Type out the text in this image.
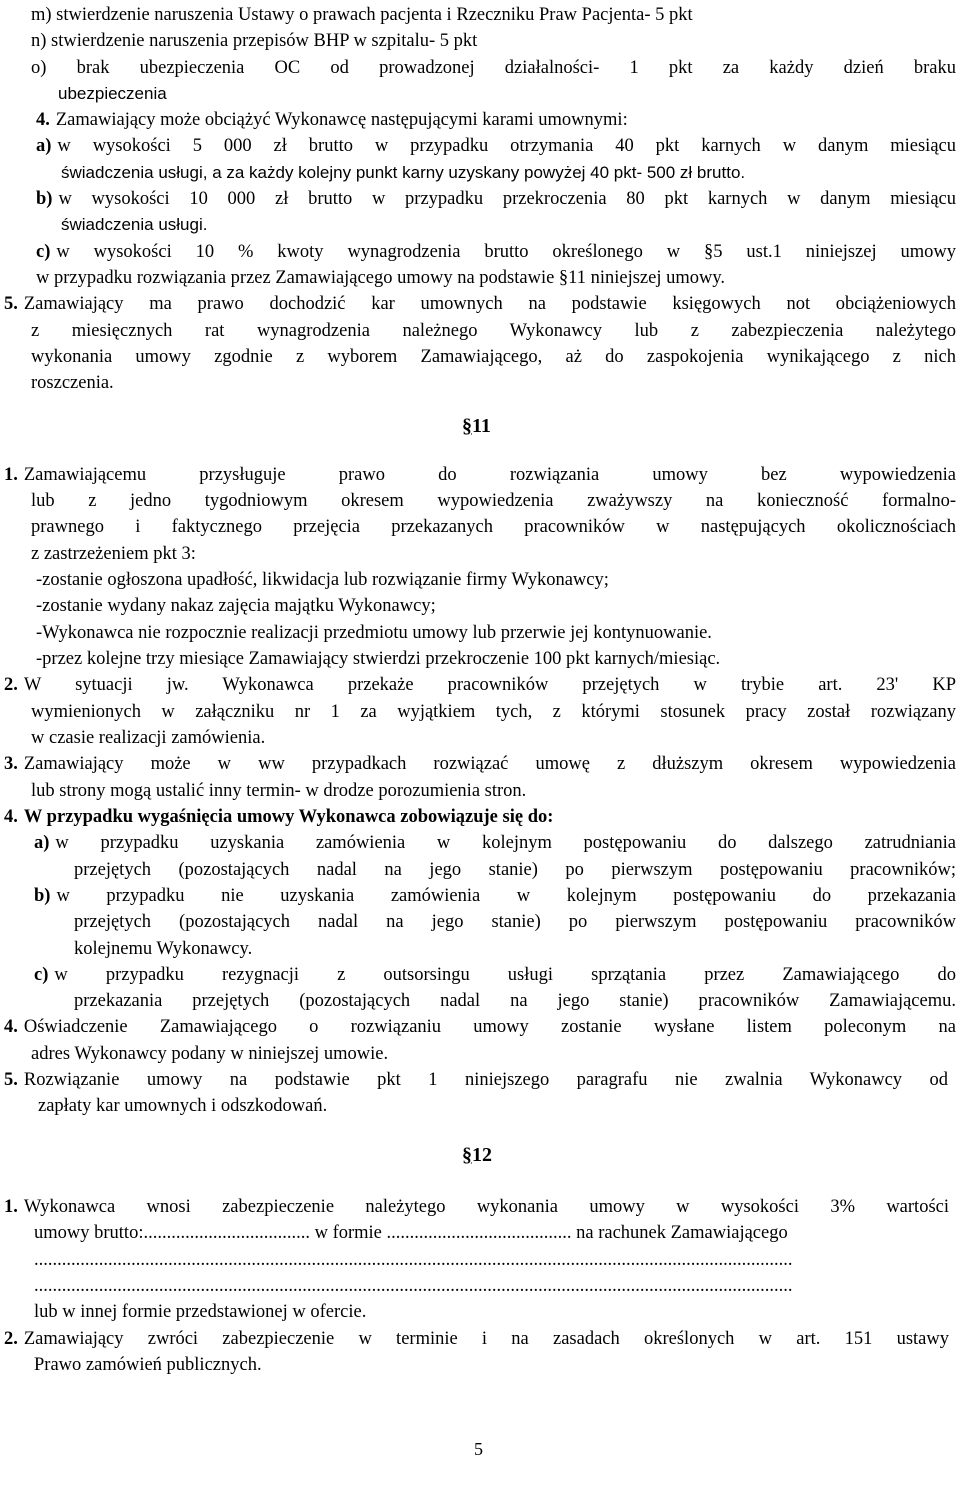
m) stwierdzenie naruszenia Ustawy o prawach pacjenta i Rzeczniku Praw Pacjenta- 5 pkt
n) stwierdzenie naruszenia przepisów BHP w szpitalu- 5 pkt
o) brak ubezpieczenia OC od prowadzonej działalności- 1 pkt za każdy dzień braku
ubezpieczenia
4. Zamawiający może obciążyć Wykonawcę następującymi karami umownymi:
a) w wysokości 5 000 zł brutto w przypadku otrzymania 40 pkt karnych w danym miesiącu
świadczenia usługi, a za każdy kolejny punkt karny uzyskany powyżej 40 pkt- 500 zł brutto.
b) w wysokości 10 000 zł brutto w przypadku przekroczenia 80 pkt karnych w danym miesiącu
świadczenia usługi.
c) w wysokości 10 % kwoty wynagrodzenia brutto określonego w §5 ust.1 niniejszej umowy
w przypadku rozwiązania przez Zamawiającego umowy na podstawie §11 niniejszej umowy.
5. Zamawiający ma prawo dochodzić kar umownych na podstawie księgowych not obciążeniowych
z miesięcznych rat wynagrodzenia należnego Wykonawcy lub z zabezpieczenia należytego
wykonania umowy zgodnie z wyborem Zamawiającego, aż do zaspokojenia wynikającego z nich
roszczenia.
1. Zamawiającemu przysługuje prawo do rozwiązania umowy bez wypowiedzenia
lub z jedno tygodniowym okresem wypowiedzenia zważywszy na konieczność formalno-
prawnego i faktycznego przejęcia przekazanych pracowników w następujących okolicznościach
z zastrzeżeniem pkt 3:
-zostanie ogłoszona upadłość, likwidacja lub rozwiązanie firmy Wykonawcy;
-zostanie wydany nakaz zajęcia majątku Wykonawcy;
-Wykonawca nie rozpocznie realizacji przedmiotu umowy lub przerwie jej kontynuowanie.
-przez kolejne trzy miesiące Zamawiający stwierdzi przekroczenie 100 pkt karnych/miesiąc.
2. W sytuacji jw. Wykonawca przekaże pracowników przejętych w trybie art. 23' KP
wymienionych w załączniku nr 1 za wyjątkiem tych, z którymi stosunek pracy został rozwiązany
w czasie realizacji zamówienia.
3. Zamawiający może w ww przypadkach rozwiązać umowę z dłuższym okresem wypowiedzenia
lub strony mogą ustalić inny termin- w drodze porozumienia stron.
4. W przypadku wygaśnięcia umowy Wykonawca zobowiązuje się do:
a) w przypadku uzyskania zamówienia w kolejnym postępowaniu do dalszego zatrudniania
przejętych (pozostających nadal na jego stanie) po pierwszym postępowaniu pracowników;
b) w przypadku nie uzyskania zamówienia w kolejnym postępowaniu do przekazania
przejętych (pozostających nadal na jego stanie) po pierwszym postępowaniu pracowników
kolejnemu Wykonawcy.
c) w przypadku rezygnacji z outsorsingu usługi sprzątania przez Zamawiającego do
przekazania przejętych (pozostających nadal na jego stanie) pracowników Zamawiającemu.
4. Oświadczenie Zamawiającego o rozwiązaniu umowy zostanie wysłane listem poleconym na
adres Wykonawcy podany w niniejszej umowie.
5. Rozwiązanie umowy na podstawie pkt 1 niniejszego paragrafu nie zwalnia Wykonawcy od
zapłaty kar umownych i odszkodowań.
1. Wykonawca wnosi zabezpieczenie należytego wykonania umowy w wysokości 3% wartości
umowy brutto:.................................... w formie ........................................ na rachunek Zamawiającego
....................................................................................................................................................................
....................................................................................................................................................................
lub w innej formie przedstawionej w ofercie.
2. Zamawiający zwróci zabezpieczenie w terminie i na zasadach określonych w art. 151 ustawy
Prawo zamówień publicznych.
§11
§12
5
